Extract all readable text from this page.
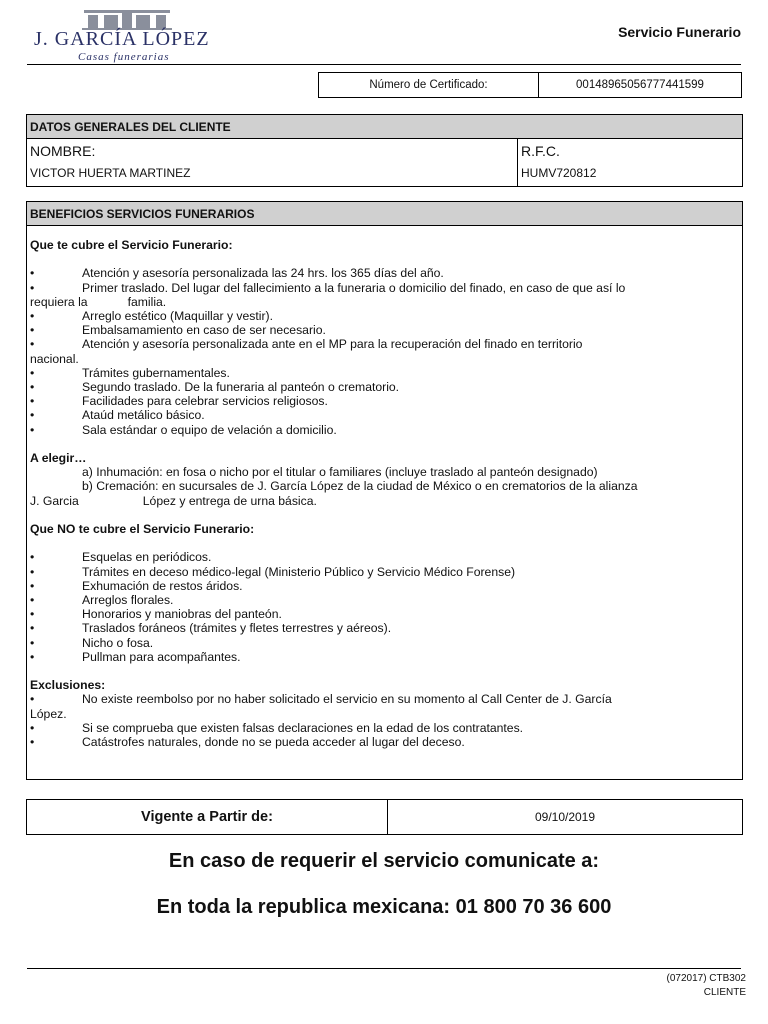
J. GARCÍA LÓPEZ
Casas funerarias
Servicio Funerario
Número de Certificado:	00148965056777441599
DATOS GENERALES DEL CLIENTE
NOMBRE:	R.F.C.
VICTOR HUERTA MARTINEZ	HUMV720812
BENEFICIOS SERVICIOS FUNERARIOS
Que te cubre el Servicio Funerario:
•	Atención y asesoría personalizada las 24 hrs. los 365 días del año.
•	Primer traslado. Del lugar del fallecimiento a la funeraria o domicilio del finado, en caso de que así lo
requiera la	familia.
•	Arreglo estético (Maquillar y vestir).
•	Embalsamamiento en caso de ser necesario.
•	Atención y asesoría personalizada ante en el MP para la recuperación del finado en territorio
nacional.
•	Trámites gubernamentales.
•	Segundo traslado. De la funeraria al panteón o crematorio.
•	Facilidades para celebrar servicios religiosos.
•	Ataúd metálico básico.
•	Sala estándar o equipo de velación a domicilio.
A elegir…
a) Inhumación: en fosa o nicho por el titular o familiares (incluye traslado al panteón designado)
b) Cremación: en sucursales de J. García López de la ciudad de México o en crematorios de la alianza
J. Garcia	López y entrega de urna básica.
Que NO te cubre el Servicio Funerario:
•	Esquelas en periódicos.
•	Trámites en deceso médico-legal (Ministerio Público y Servicio Médico Forense)
•	Exhumación de restos áridos.
•	Arreglos florales.
•	Honorarios y maniobras del panteón.
•	Traslados foráneos (trámites y fletes terrestres y aéreos).
•	Nicho o fosa.
•	Pullman para acompañantes.
Exclusiones:
•	No existe reembolso por no haber solicitado el servicio en su momento al Call Center de J. García
López.
•	Si se comprueba que existen falsas declaraciones en la edad de los contratantes.
•	Catástrofes naturales, donde no se pueda acceder al lugar del deceso.
Vigente a Partir de:	09/10/2019
En caso de requerir el servicio comunicate a:
En toda la republica mexicana: 01 800 70 36 600
(072017) CTB302
CLIENTE
